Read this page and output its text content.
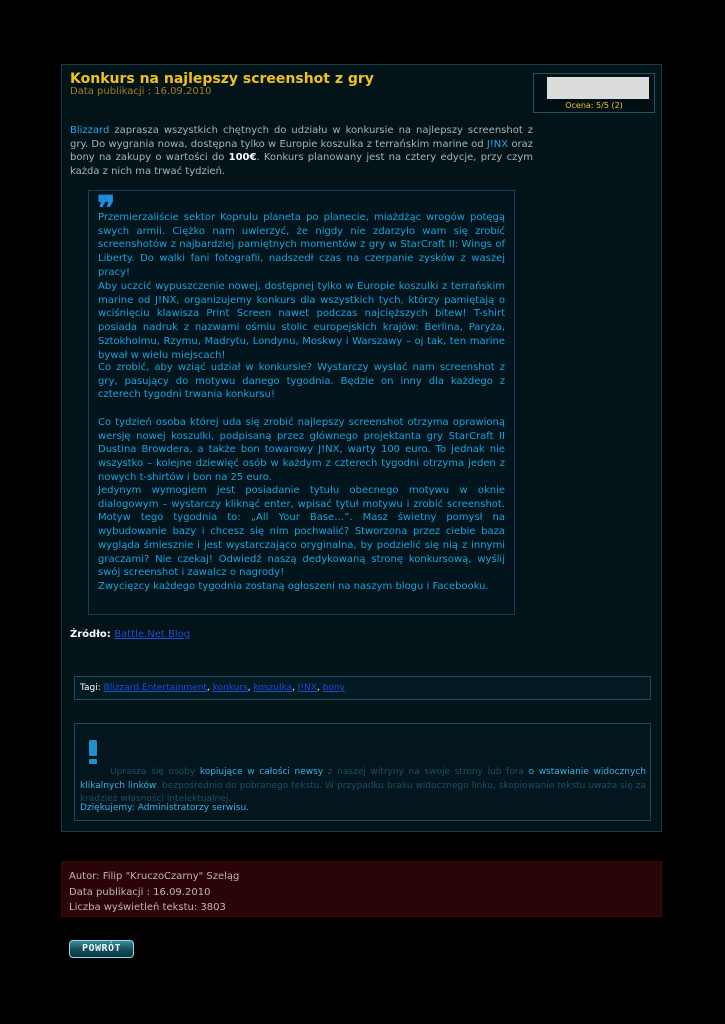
Konkurs na najlepszy screenshot z gry
Data publikacji : 16.09.2010
Ocena: 5/5 (2)

Blizzard zaprasza wszystkich chętnych do udziału w konkursie na najlepszy screenshot z gry. Do wygrania nowa, dostępna tylko w Europie koszulka z terrańskim marine od J!NX oraz bony na zakupy o wartości do 100€. Konkurs planowany jest na cztery edycje, przy czym każda z nich ma trwać tydzień.

❞

Przemierzaliście sektor Koprulu planeta po planecie, miażdżąc wrogów potęgą swych armii. Ciężko nam uwierzyć, że nigdy nie zdarzyło wam się zrobić screenshotów z najbardziej pamiętnych momentów z gry w StarCraft II: Wings of Liberty. Do walki fani fotografii, nadszedł czas na czerpanie zysków z waszej pracy!

Aby uczcić wypuszczenie nowej, dostępnej tylko w Europie koszulki z terrańskim marine od J!NX, organizujemy konkurs dla wszystkich tych, którzy pamiętają o wciśnięciu klawisza Print Screen nawet podczas najcięższych bitew! T-shirt posiada nadruk z nazwami ośmiu stolic europejskich krajów: Berlina, Paryża, Sztokholmu, Rzymu, Madrytu, Londynu, Moskwy i Warszawy – oj tak, ten marine bywał w wielu miejscach!

Co zrobić, aby wziąć udział w konkursie? Wystarczy wysłać nam screenshot z gry, pasujący do motywu danego tygodnia. Będzie on inny dla każdego z czterech tygodni trwania konkursu!

Co tydzień osoba której uda się zrobić najlepszy screenshot otrzyma oprawioną wersję nowej koszulki, podpisaną przez głównego projektanta gry StarCraft II Dustina Browdera, a także bon towarowy J!NX, warty 100 euro. To jednak nie wszystko – kolejne dziewięć osób w każdym z czterech tygodni otrzyma jeden z nowych t-shirtów i bon na 25 euro.

Jedynym wymogiem jest posiadanie tytułu obecnego motywu w oknie dialogowym – wystarczy kliknąć enter, wpisać tytuł motywu i zrobić screenshot. Motyw tego tygodnia to: „All Your Base…”. Masz świetny pomysł na wybudowanie bazy i chcesz się nim pochwalić? Stworzona przez ciebie baza wygląda śmiesznie i jest wystarczająco oryginalna, by podzielić się nią z innymi graczami? Nie czekaj! Odwiedź naszą dedykowaną stronę konkursową, wyślij swój screenshot i zawalcz o nagrody!

Zwycięzcy każdego tygodnia zostaną ogłoszeni na naszym blogu i Facebooku.

Źródło: Battle.Net Blog
Tagi: Blizzard Entertainment, konkurs, koszulka, J!NX, bony

Uprasza się osoby kopiujące w całości newsy z naszej witryny na swoje strony lub fora o wstawianie widocznych klikalnych linków, bezpośrednio do pobranego tekstu. W przypadku braku widocznego linku, skopiowanie tekstu uważa się za kradzież własności intelektualnej.

Dziękujemy: Administratorzy serwisu.
Autor: Filip "KruczoCzarny" Szeląg
Data publikacji : 16.09.2010
Liczba wyświetleń tekstu: 3803
POWRÓT
